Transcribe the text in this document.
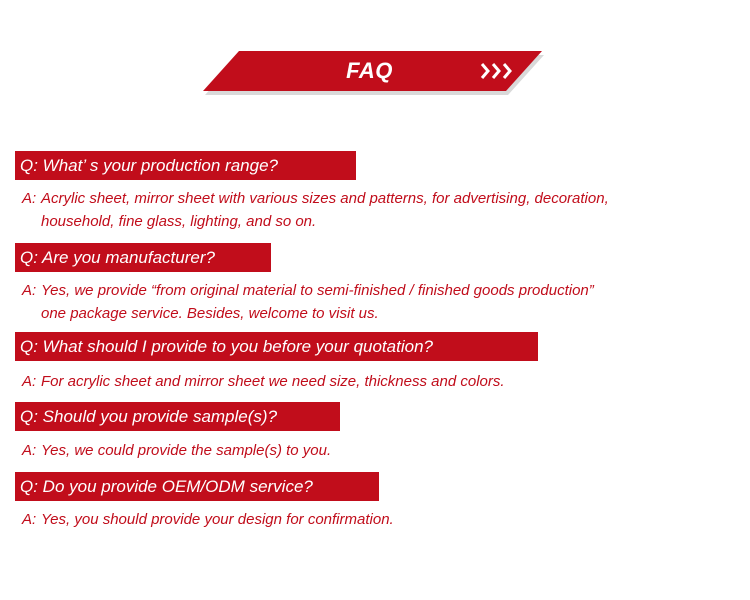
FAQ
Q: What’ s your production range?
A: Acrylic sheet, mirror sheet with various sizes and patterns, for advertising, decoration,
household, fine glass, lighting, and so on.
Q: Are you manufacturer?
A: Yes, we provide “from original material to semi-finished / finished goods production”
one package service. Besides, welcome to visit us.
Q: What should I provide to you before your quotation?
A: For acrylic sheet and mirror sheet we need size, thickness and colors.
Q: Should you provide sample(s)?
A: Yes, we could provide the sample(s) to you.
Q: Do you provide OEM/ODM service?
A: Yes, you should provide your design for confirmation.
